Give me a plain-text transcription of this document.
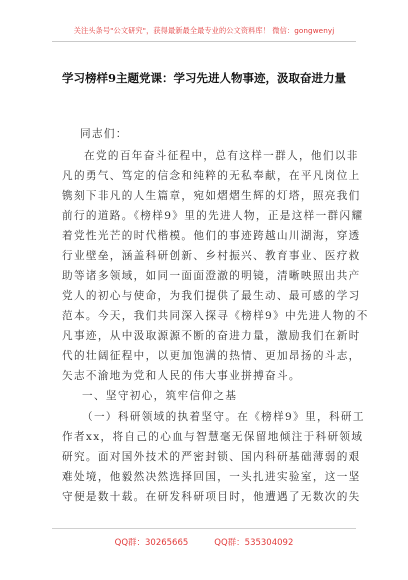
关注头条号"公文研究"，获得最新最全最专业的公文资料库！ 微信：gongwenyj
学习榜样9主题党课：学习先进人物事迹，汲取奋进力量
同志们：
在党的百年奋斗征程中，总有这样一群人，他们以非
凡的勇气、笃定的信念和纯粹的无私奉献，在平凡岗位上
镌刻下非凡的人生篇章，宛如熠熠生辉的灯塔，照亮我们
前行的道路。《榜样9》里的先进人物，正是这样一群闪耀
着党性光芒的时代楷模。他们的事迹跨越山川湖海，穿透
行业壁垒，涵盖科研创新、乡村振兴、教育事业、医疗救
助等诸多领域，如同一面面澄澈的明镜，清晰映照出共产
党人的初心与使命，为我们提供了最生动、最可感的学习
范本。今天，我们共同深入探寻《榜样9》中先进人物的不
凡事迹，从中汲取源源不断的奋进力量，激励我们在新时
代的壮阔征程中，以更加饱满的热情、更加昂扬的斗志，
矢志不渝地为党和人民的伟大事业拼搏奋斗。
一、坚守初心，筑牢信仰之基
（一）科研领域的执着坚守。在《榜样9》里，科研工
作者xx，将自己的心血与智慧毫无保留地倾注于科研领域
研究。面对国外技术的严密封锁、国内科研基础薄弱的艰
难处境，他毅然决然选择回国，一头扎进实验室，这一坚
守便是数十载。在研发科研项目时，他遭遇了无数次的失
QQ群：30265665	QQ群：535304092
